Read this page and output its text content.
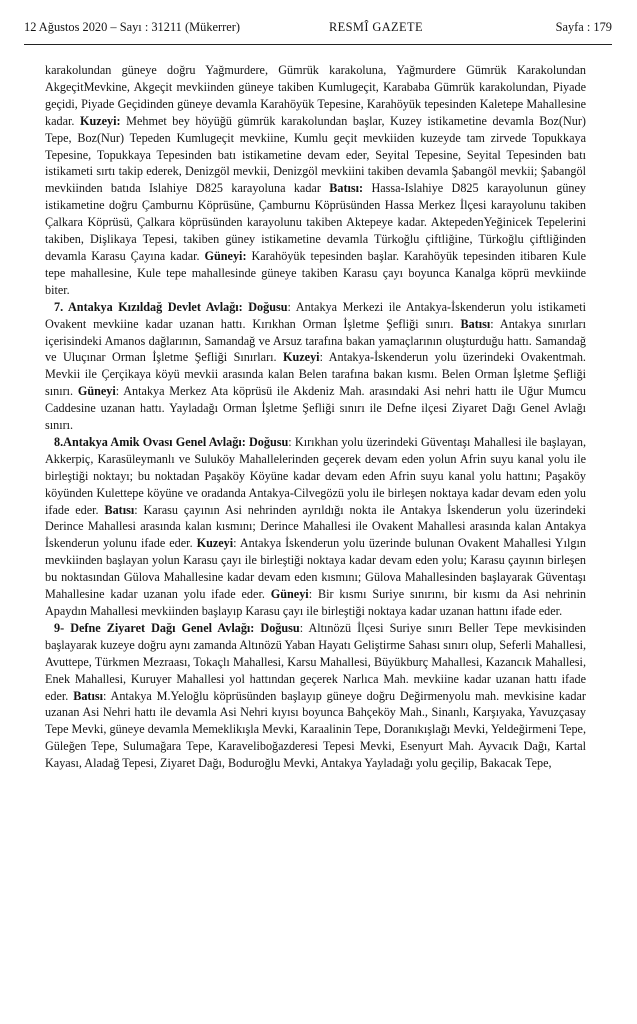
12 Ağustos 2020 – Sayı : 31211 (Mükerrer)	RESMÎ GAZETE	Sayfa : 179

karakolundan güneye doğru Yağmurdere, Gümrük karakoluna, Yağmurdere Gümrük Karakolundan AkgeçitMevkine, Akgeçit mevkiinden güneye takiben Kumlugeçit, Karababa Gümrük karakolundan, Piyade geçidi, Piyade Geçidinden güneye devamla Karahöyük Tepesine, Karahöyük tepesinden Kaletepe Mahallesine kadar. Kuzeyi: Mehmet bey höyüğü gümrük karakolundan başlar, Kuzey istikametine devamla Boz(Nur) Tepe, Boz(Nur) Tepeden Kumlugeçit mevkiine, Kumlu geçit mevkiiden kuzeyde tam zirvede Topukkaya Tepesine, Topukkaya Tepesinden batı istikametine devam eder, Seyital Tepesine, Seyital Tepesinden batı istikameti sırtı takip ederek, Denizgöl mevkii, Denizgöl mevkiini takiben devamla Şabangöl mevkii; Şabangöl mevkiinden batıda Islahiye D825 karayoluna kadar Batısı: Hassa-Islahiye D825 karayolunun güney istikametine doğru Çamburnu Köprüsüne, Çamburnu Köprüsünden Hassa Merkez İlçesi karayolunu takiben Çalkara Köprüsü, Çalkara köprüsünden karayolunu takiben Aktepeye kadar. AktepedenYeğinicek Tepelerini takiben, Dişlikaya Tepesi, takiben güney istikametine devamla Türkoğlu çiftliğine, Türkoğlu çiftliğinden devamla Karasu Çayına kadar. Güneyi: Karahöyük tepesinden başlar. Karahöyük tepesinden itibaren Kule tepe mahallesine, Kule tepe mahallesinde güneye takiben Karasu çayı boyunca Kanalga köprü mevkiinde biter.

7. Antakya Kızıldağ Devlet Avlağı: Doğusu: Antakya Merkezi ile Antakya-İskenderun yolu istikameti Ovakent mevkiine kadar uzanan hattı. Kırıkhan Orman İşletme Şefliği sınırı. Batısı: Antakya sınırları içerisindeki Amanos dağlarının, Samandağ ve Arsuz tarafına bakan yamaçlarının oluşturduğu hattı. Samandağ ve Uluçınar Orman İşletme Şefliği Sınırları. Kuzeyi: Antakya-İskenderun yolu üzerindeki Ovakentmah. Mevkii ile Çerçikaya köyü mevkii arasında kalan Belen tarafına bakan kısmı. Belen Orman İşletme Şefliği sınırı. Güneyi: Antakya Merkez Ata köprüsü ile Akdeniz Mah. arasındaki Asi nehri hattı ile Uğur Mumcu Caddesine uzanan hattı. Yayladağı Orman İşletme Şefliği sınırı ile Defne ilçesi Ziyaret Dağı Genel Avlağı sınırı.

8.Antakya Amik Ovası Genel Avlağı: Doğusu: Kırıkhan yolu üzerindeki Güventaşı Mahallesi ile başlayan, Akkerpiç, Karasüleymanlı ve Suluköy Mahallelerinden geçerek devam eden yolun Afrin suyu kanal yolu ile birleştiği noktayı; bu noktadan Paşaköy Köyüne kadar devam eden Afrin suyu kanal yolu hattını; Paşaköy köyünden Kulettepe köyüne ve oradanda Antakya-Cilvegözü yolu ile birleşen noktaya kadar devam eden yolu ifade eder. Batısı: Karasu çayının Asi nehrinden ayrıldığı nokta ile Antakya İskenderun yolu üzerindeki Derince Mahallesi arasında kalan kısmını; Derince Mahallesi ile Ovakent Mahallesi arasında kalan Antakya İskenderun yolunu ifade eder. Kuzeyi: Antakya İskenderun yolu üzerinde bulunan Ovakent Mahallesi Yılgın mevkiinden başlayan yolun Karasu çayı ile birleştiği noktaya kadar devam eden yolu; Karasu çayının birleşen bu noktasından Gülova Mahallesine kadar devam eden kısmını; Gülova Mahallesinden başlayarak Güventaşı Mahallesine kadar uzanan yolu ifade eder. Güneyi: Bir kısmı Suriye sınırını, bir kısmı da Asi nehrinin Apaydın Mahallesi mevkiinden başlayıp Karasu çayı ile birleştiği noktaya kadar uzanan hattını ifade eder.

9- Defne Ziyaret Dağı Genel Avlağı: Doğusu: Altınözü İlçesi Suriye sınırı Beller Tepe mevkisinden başlayarak kuzeye doğru aynı zamanda Altınözü Yaban Hayatı Geliştirme Sahası sınırı olup, Seferli Mahallesi, Avuttepe, Türkmen Mezraası, Tokaçlı Mahallesi, Karsu Mahallesi, Büyükburç Mahallesi, Kazancık Mahallesi, Enek Mahallesi, Kuruyer Mahallesi yol hattından geçerek Narlıca Mah. mevkiine kadar uzanan hattı ifade eder. Batısı: Antakya M.Yeloğlu köprüsünden başlayıp güneye doğru Değirmenyolu mah. mevkisine kadar uzanan Asi Nehri hattı ile devamla Asi Nehri kıyısı boyunca Bahçeköy Mah., Sinanlı, Karşıyaka, Yavuzçasay Tepe Mevki, güneye devamla Memeklikışla Mevki, Karaalinin Tepe, Doranıkışlağı Mevki, Yeldeğirmeni Tepe, Güleğen Tepe, Sulumağara Tepe, Karavelibоğazderesi Tepesi Mevki, Esenyurt Mah. Ayvacık Dağı, Kartal Kayası, Aladağ Tepesi, Ziyaret Dağı, Boduroğlu Mevki, Antakya Yayladağı yolu geçilip, Bakacak Tepe,
